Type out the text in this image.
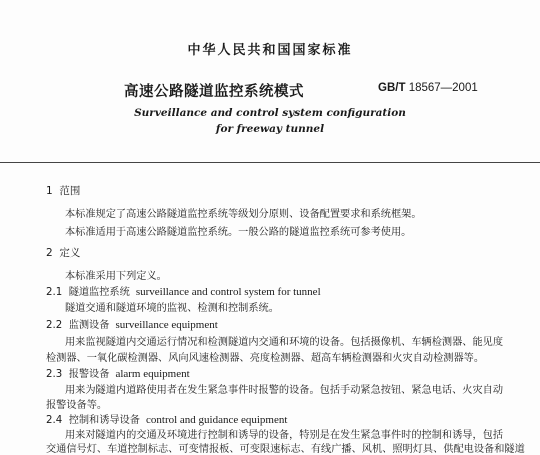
中华人民共和国国家标准
高速公路隧道监控系统模式	GB/T 18567—2001
Surveillance and control system configuration
for freeway tunnel
1 范围
本标准规定了高速公路隧道监控系统等级划分原则、设备配置要求和系统框架。
本标准适用于高速公路隧道监控系统。一般公路的隧道监控系统可参考使用。
2 定义
本标准采用下列定义。
2.1 隧道监控系统 surveillance and control system for tunnel
隧道交通和隧道环境的监视、检测和控制系统。
2.2 监测设备 surveillance equipment
用来监视隧道内交通运行情况和检测隧道内交通和环境的设备。包括摄像机、车辆检测器、能见度
检测器、一氧化碳检测器、风向风速检测器、亮度检测器、超高车辆检测器和火灾自动检测器等。
2.3 报警设备 alarm equipment
用来为隧道内道路使用者在发生紧急事件时报警的设备。包括手动紧急按钮、紧急电话、火灾自动
报警设备等。
2.4 控制和诱导设备 control and guidance equipment
用来对隧道内的交通及环境进行控制和诱导的设备，特别是在发生紧急事件时的控制和诱导，包括
交通信号灯、车道控制标志、可变情报板、可变限速标志、有线广播、风机、照明灯具、供配电设备和隧道
